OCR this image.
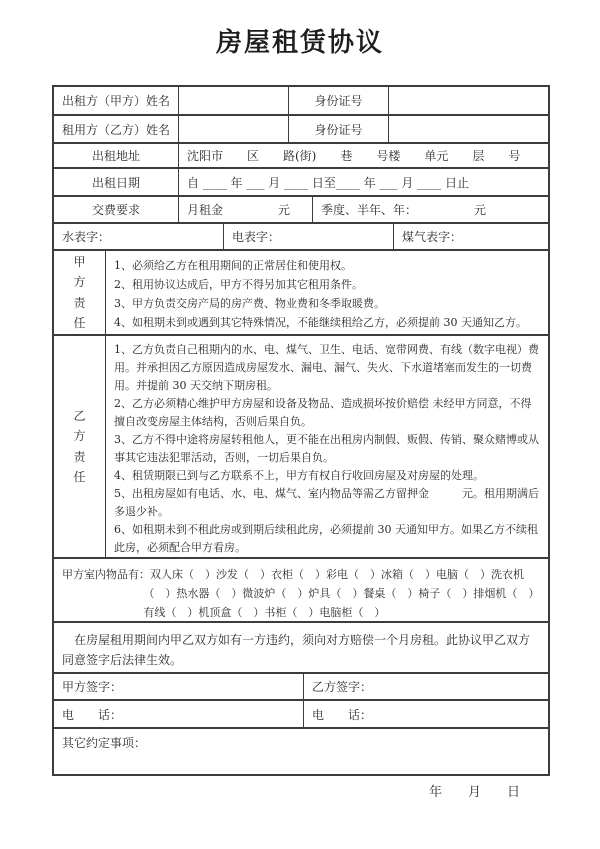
房屋租赁协议
出租方（甲方）姓名	身份证号
租用方（乙方）姓名	身份证号
出租地址	沈阳市　　区　　路(街)　　巷　　号楼　　单元　　层　　号
出租日期	自 ____ 年 ___ 月 ____ 日至____ 年 ___ 月 ____ 日止
交费要求	月租金	元	季度、半年、年：	元
水表字：	电表字：	煤气表字：
甲方责任

1、必须给乙方在租用期间的正常居住和使用权。

2、租用协议达成后，甲方不得另加其它租用条件。

3、甲方负责交房产局的房产费、物业费和冬季取暖费。

4、如租期未到或遇到其它特殊情况，不能继续租给乙方，必须提前 30 天通知乙方。

乙方责任

1、乙方负责自己租期内的水、电、煤气、卫生、电话、宽带网费、有线（数字电视）费用。并承担因乙方原因造成房屋发水、漏电、漏气、失火、下水道堵塞而发生的一切费用。并提前 30 天交纳下期房租。

2、乙方必须精心维护甲方房屋和设备及物品、造成损坏按价赔偿 未经甲方同意，不得擅自改变房屋主体结构，否则后果自负。

3、乙方不得中途将房屋转租他人，更不能在出租房内制假、贩假、传销、聚众赌博或从事其它违法犯罪活动，否则，一切后果自负。

4、租赁期限已到与乙方联系不上，甲方有权自行收回房屋及对房屋的处理。

5、出租房屋如有电话、水、电、煤气、室内物品等需乙方留押金　　　元。租用期满后多退少补。

6、如租期未到不租此房或到期后续租此房，必须提前 30 天通知甲方。如果乙方不续租此房，必须配合甲方看房。

甲方室内物品有：双人床（　）沙发（　）衣柜（　）彩电（　）冰箱（　）电脑（　）洗衣机（　）热水器（　）微波炉（　）炉具（　）餐桌（　）椅子（　）排烟机（　）有线（　）机顶盒（　）书柜（　）电脑柜（　）

在房屋租用期间内甲乙双方如有一方违约，须向对方赔偿一个月房租。此协议甲乙双方同意签字后法律生效。
甲方签字：	乙方签字：
电　　话：	电　　话：
其它约定事项：
年　　月　　日
